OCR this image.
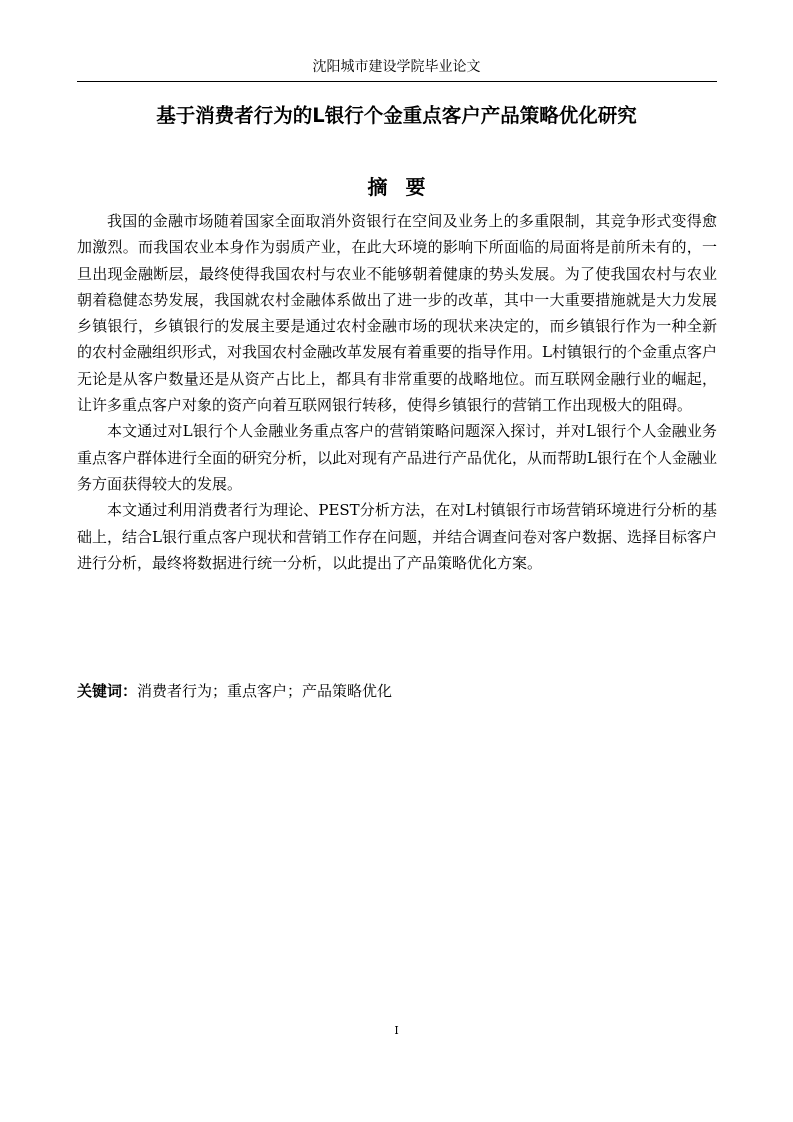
沈阳城市建设学院毕业论文
基于消费者行为的L银行个金重点客户产品策略优化研究
摘要

我国的金融市场随着国家全面取消外资银行在空间及业务上的多重限制，其竞争形式变得愈加激烈。而我国农业本身作为弱质产业，在此大环境的影响下所面临的局面将是前所未有的，一旦出现金融断层，最终使得我国农村与农业不能够朝着健康的势头发展。为了使我国农村与农业朝着稳健态势发展，我国就农村金融体系做出了进一步的改革，其中一大重要措施就是大力发展乡镇银行，乡镇银行的发展主要是通过农村金融市场的现状来决定的，而乡镇银行作为一种全新的农村金融组织形式，对我国农村金融改革发展有着重要的指导作用。L村镇银行的个金重点客户无论是从客户数量还是从资产占比上，都具有非常重要的战略地位。而互联网金融行业的崛起，让许多重点客户对象的资产向着互联网银行转移，使得乡镇银行的营销工作出现极大的阻碍。

本文通过对L银行个人金融业务重点客户的营销策略问题深入探讨，并对L银行个人金融业务重点客户群体进行全面的研究分析，以此对现有产品进行产品优化，从而帮助L银行在个人金融业务方面获得较大的发展。

本文通过利用消费者行为理论、PEST分析方法，在对L村镇银行市场营销环境进行分析的基础上，结合L银行重点客户现状和营销工作存在问题，并结合调查问卷对客户数据、选择目标客户进行分析，最终将数据进行统一分析，以此提出了产品策略优化方案。

关键词：消费者行为；重点客户；产品策略优化
I
